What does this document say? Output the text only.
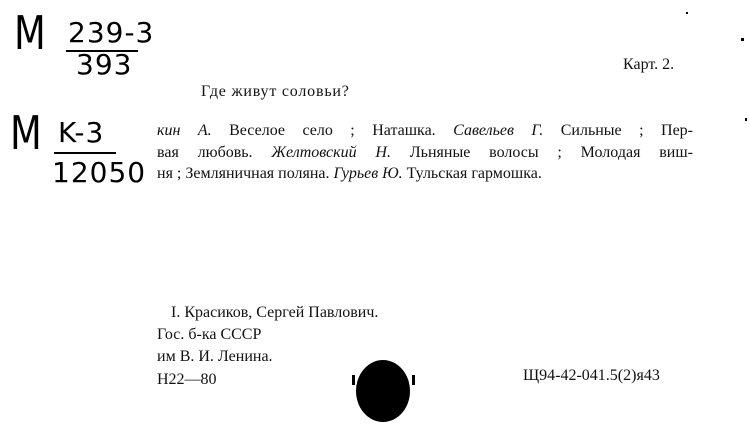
M 239-3
393
M K-3
12050
Карт. 2.
Где живут соловьи?
кин А. Веселое село ; Наташка. Савельев Г. Сильные ; Пер-
вая любовь. Желтовский Н. Льняные волосы ; Молодая виш-
ня ; Земляничная поляна. Гурьев Ю. Тульская гармошка.
I. Красиков, Сергей Павлович.
Гос. б-ка СССР
им В. И. Ленина.
Н22—80	Щ94-42-041.5(2)я43
